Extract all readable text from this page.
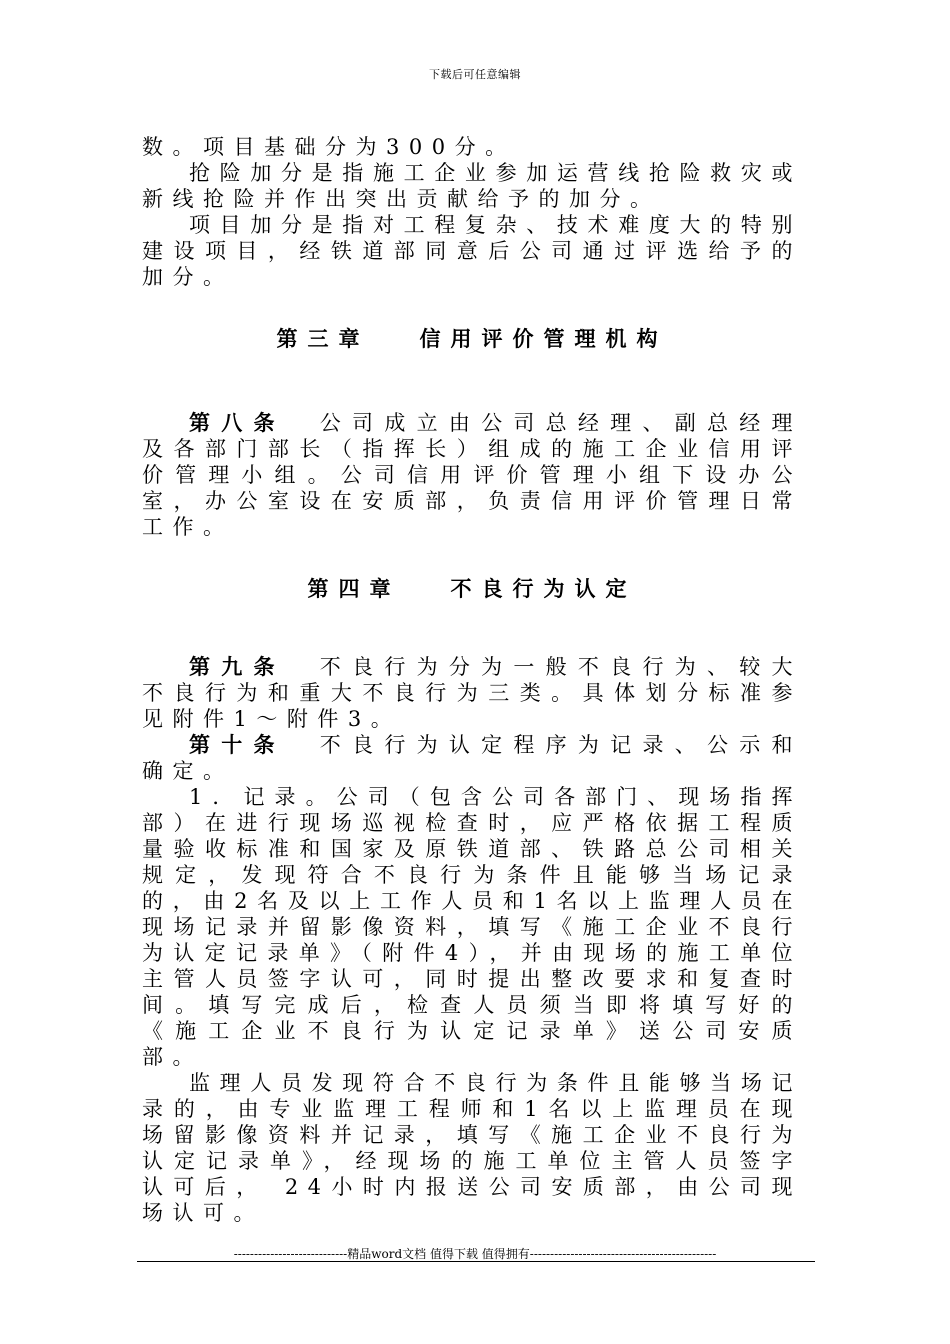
下载后可任意编辑

数。项目基础分为300分。

抢险加分是指施工企业参加运营线抢险救灾或新线抢险并作出突出贡献给予的加分。

项目加分是指对工程复杂、技术难度大的特别建设项目，经铁道部同意后公司通过评选给予的加分。

第三章 信用评价管理机构

第八条 公司成立由公司总经理、副总经理及各部门部长（指挥长）组成的施工企业信用评价管理小组。公司信用评价管理小组下设办公室，办公室设在安质部，负责信用评价管理日常工作。

第四章 不良行为认定

第九条 不良行为分为一般不良行为、较大不良行为和重大不良行为三类。具体划分标准参见附件1～附件3。

第十条 不良行为认定程序为记录、公示和确定。

1．记录。公司（包含公司各部门、现场指挥部）在进行现场巡视检查时，应严格依据工程质量验收标准和国家及原铁道部、铁路总公司相关规定，发现符合不良行为条件且能够当场记录的，由2名及以上工作人员和1名以上监理人员在现场记录并留影像资料，填写《施工企业不良行为认定记录单》（附件4），并由现场的施工单位主管人员签字认可，同时提出整改要求和复查时间。填写完成后，检查人员须当即将填写好的《施工企业不良行为认定记录单》送公司安质部。

监理人员发现符合不良行为条件且能够当场记录的，由专业监理工程师和1名以上监理员在现场留影像资料并记录，填写《施工企业不良行为认定记录单》，经现场的施工单位主管人员签字认可后， 24小时内报送公司安质部，由公司现场认可。

----------------------------精品word文档 值得下载 值得拥有----------------------------------------------
